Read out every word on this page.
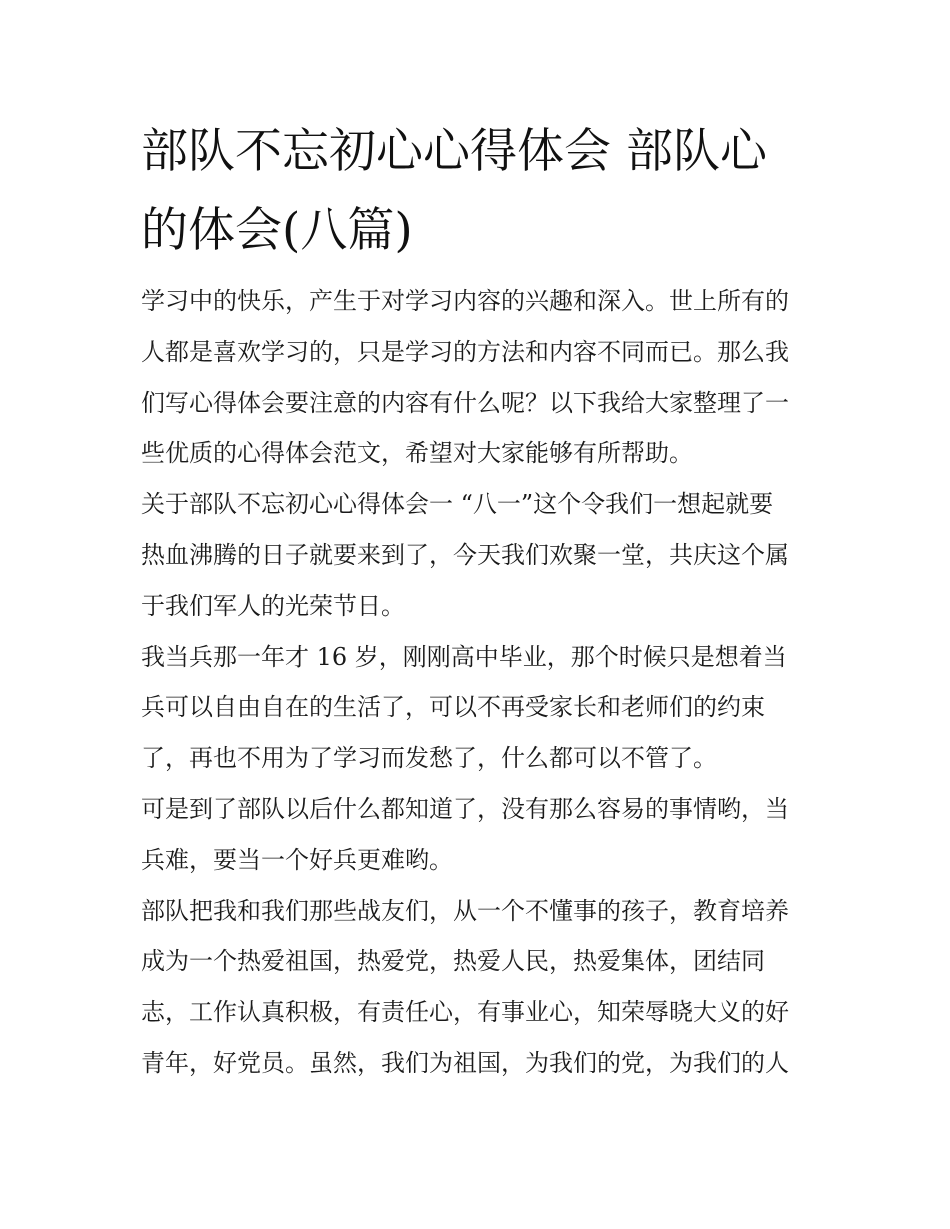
部队不忘初心心得体会 部队心
的体会(八篇)

学习中的快乐，产生于对学习内容的兴趣和深入。世上所有的
人都是喜欢学习的，只是学习的方法和内容不同而已。那么我
们写心得体会要注意的内容有什么呢？以下我给大家整理了一
些优质的心得体会范文，希望对大家能够有所帮助。

关于部队不忘初心心得体会一 “八一”这个令我们一想起就要
热血沸腾的日子就要来到了，今天我们欢聚一堂，共庆这个属
于我们军人的光荣节日。

我当兵那一年才 16 岁，刚刚高中毕业，那个时候只是想着当
兵可以自由自在的生活了，可以不再受家长和老师们的约束
了，再也不用为了学习而发愁了，什么都可以不管了。

可是到了部队以后什么都知道了，没有那么容易的事情哟，当
兵难，要当一个好兵更难哟。

部队把我和我们那些战友们，从一个不懂事的孩子，教育培养
成为一个热爱祖国，热爱党，热爱人民，热爱集体，团结同
志，工作认真积极，有责任心，有事业心，知荣辱晓大义的好
青年，好党员。虽然，我们为祖国，为我们的党，为我们的人
